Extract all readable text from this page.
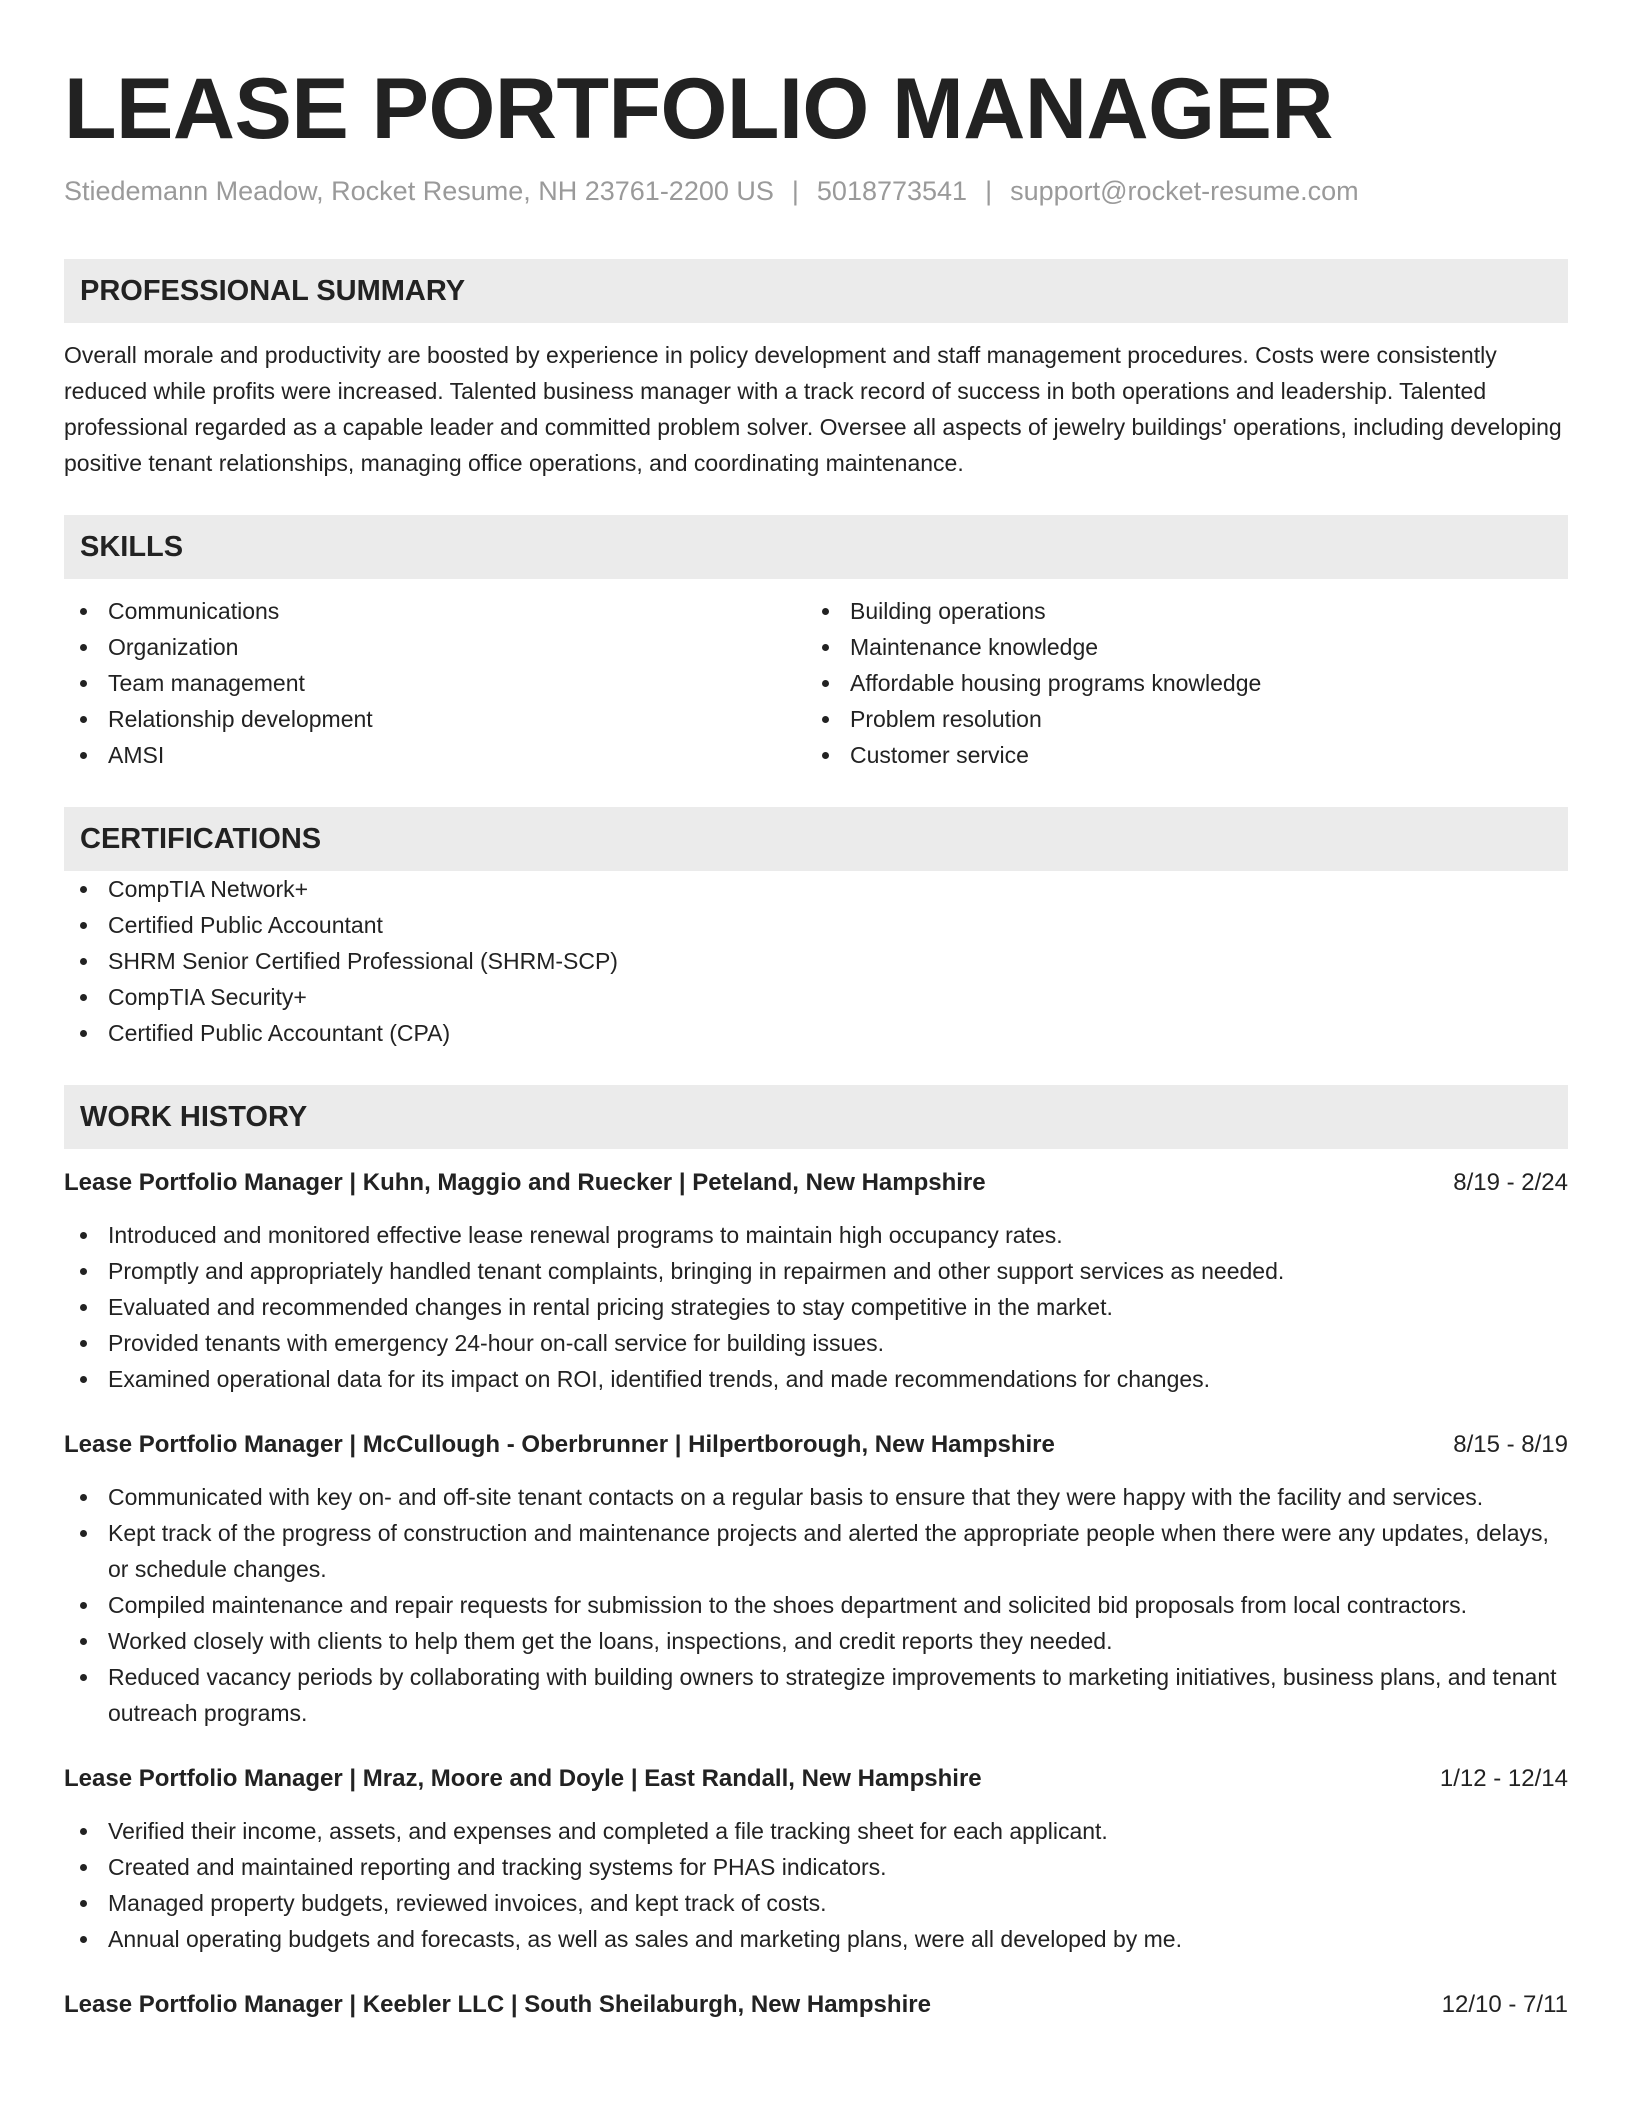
LEASE PORTFOLIO MANAGER
Stiedemann Meadow, Rocket Resume, NH 23761-2200 US | 5018773541 | support@rocket-resume.com
PROFESSIONAL SUMMARY

Overall morale and productivity are boosted by experience in policy development and staff management procedures. Costs were consistently reduced while profits were increased. Talented business manager with a track record of success in both operations and leadership. Talented professional regarded as a capable leader and committed problem solver. Oversee all aspects of jewelry buildings' operations, including developing positive tenant relationships, managing office operations, and coordinating maintenance.

SKILLS
Communications
Organization
Team management
Relationship development
AMSI
Building operations
Maintenance knowledge
Affordable housing programs knowledge
Problem resolution
Customer service
CERTIFICATIONS
CompTIA Network+
Certified Public Accountant
SHRM Senior Certified Professional (SHRM-SCP)
CompTIA Security+
Certified Public Accountant (CPA)
WORK HISTORY
Lease Portfolio Manager | Kuhn, Maggio and Ruecker | Peteland, New Hampshire	8/19 - 2/24
Introduced and monitored effective lease renewal programs to maintain high occupancy rates.
Promptly and appropriately handled tenant complaints, bringing in repairmen and other support services as needed.
Evaluated and recommended changes in rental pricing strategies to stay competitive in the market.
Provided tenants with emergency 24-hour on-call service for building issues.
Examined operational data for its impact on ROI, identified trends, and made recommendations for changes.
Lease Portfolio Manager | McCullough - Oberbrunner | Hilpertborough, New Hampshire	8/15 - 8/19
Communicated with key on- and off-site tenant contacts on a regular basis to ensure that they were happy with the facility and services.
Kept track of the progress of construction and maintenance projects and alerted the appropriate people when there were any updates, delays, or schedule changes.
Compiled maintenance and repair requests for submission to the shoes department and solicited bid proposals from local contractors.
Worked closely with clients to help them get the loans, inspections, and credit reports they needed.
Reduced vacancy periods by collaborating with building owners to strategize improvements to marketing initiatives, business plans, and tenant outreach programs.
Lease Portfolio Manager | Mraz, Moore and Doyle | East Randall, New Hampshire	1/12 - 12/14
Verified their income, assets, and expenses and completed a file tracking sheet for each applicant.
Created and maintained reporting and tracking systems for PHAS indicators.
Managed property budgets, reviewed invoices, and kept track of costs.
Annual operating budgets and forecasts, as well as sales and marketing plans, were all developed by me.
Lease Portfolio Manager | Keebler LLC | South Sheilaburgh, New Hampshire	12/10 - 7/11
